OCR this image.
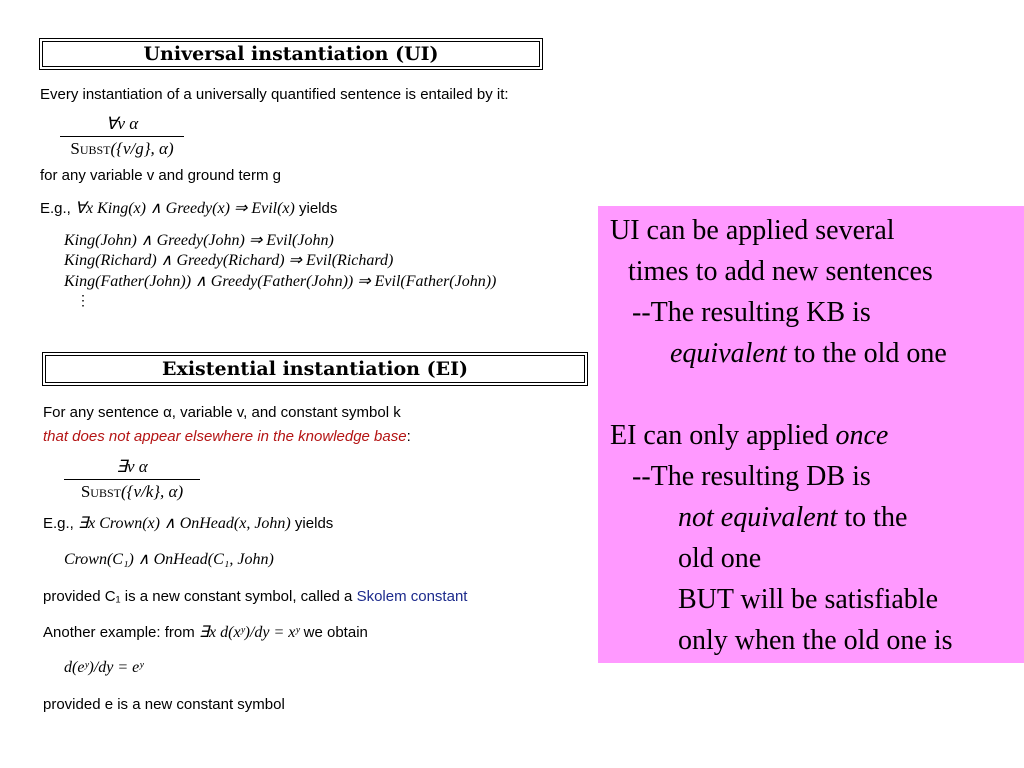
Universal instantiation (UI)
Every instantiation of a universally quantified sentence is entailed by it:
∀v α
Subst({v/g}, α)
for any variable v and ground term g
E.g., ∀x King(x) ∧ Greedy(x) ⇒ Evil(x) yields
King(John) ∧ Greedy(John) ⇒ Evil(John)
King(Richard) ∧ Greedy(Richard) ⇒ Evil(Richard)
King(Father(John)) ∧ Greedy(Father(John)) ⇒ Evil(Father(John))
⋮
Existential instantiation (EI)
For any sentence α, variable v, and constant symbol k
that does not appear elsewhere in the knowledge base:
∃v α
Subst({v/k}, α)
E.g., ∃x Crown(x) ∧ OnHead(x, John) yields
Crown(C₁) ∧ OnHead(C₁, John)
provided C₁ is a new constant symbol, called a Skolem constant
Another example: from ∃x d(xʸ)/dy = xʸ we obtain
d(eʸ)/dy = eʸ
provided e is a new constant symbol
UI can be applied several
times to add new sentences
--The resulting KB is
equivalent to the old one
EI can only applied once
--The resulting DB is
not equivalent to the
old one
BUT will be satisfiable
only when the old one is
